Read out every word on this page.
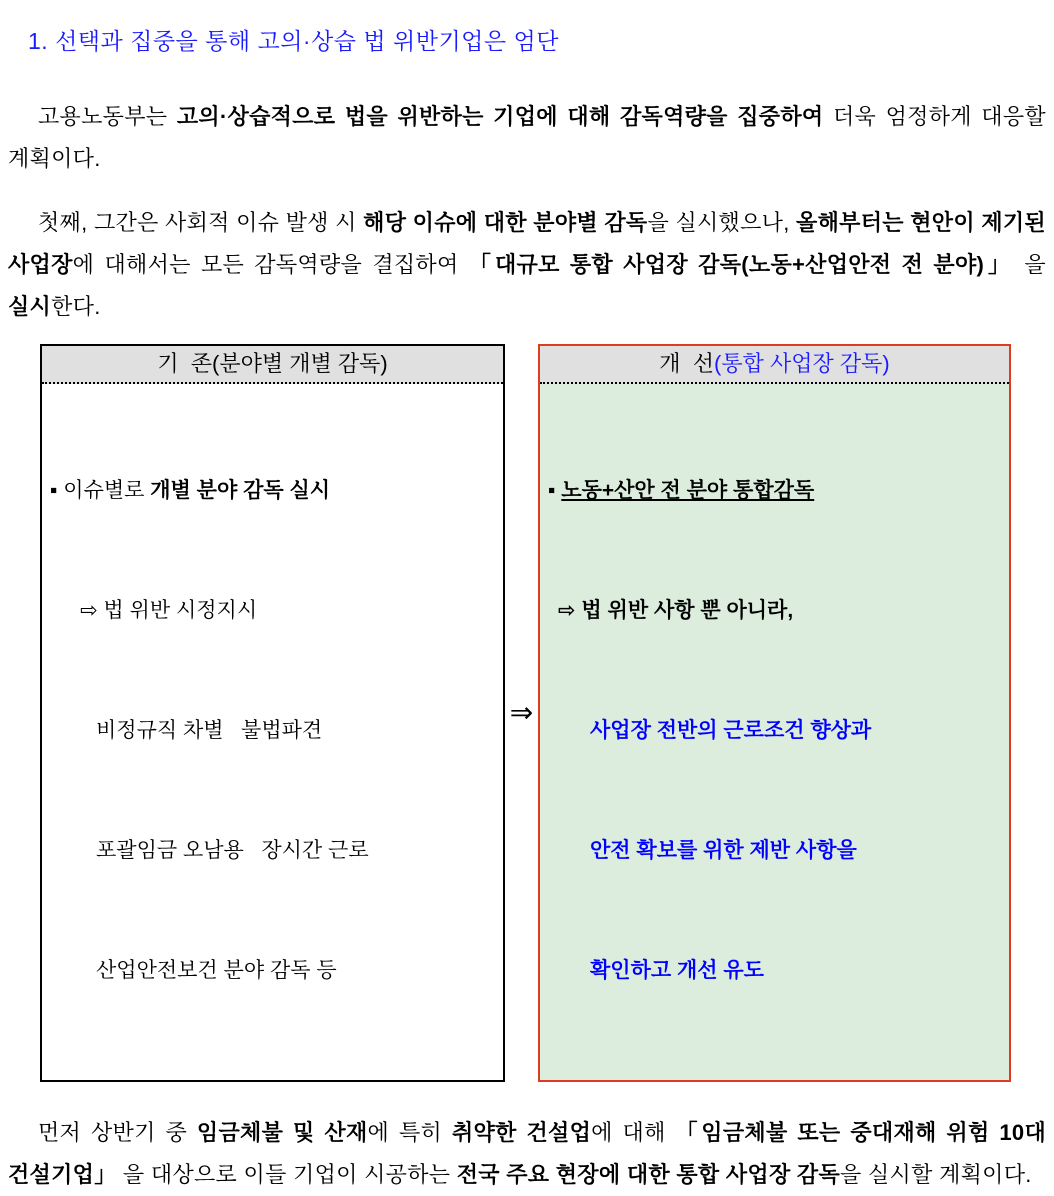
1. 선택과 집중을 통해 고의·상습 법 위반기업은 엄단
고용노동부는 고의·상습적으로 법을 위반하는 기업에 대해 감독역량을 집중하여 더욱 엄정하게 대응할 계획이다.
첫째, 그간은 사회적 이슈 발생 시 해당 이슈에 대한 분야별 감독을 실시했으나, 올해부터는 현안이 제기된 사업장에 대해서는 모든 감독역량을 결집하여 「대규모 통합 사업장 감독(노동+산업안전 전 분야)」 을 실시한다.
기  존(분야별 개별 감독)

▪ 이슈별로 개별 분야 감독 실시

⇨ 법 위반 시정지시

비정규직 차별   불법파견

포괄임금 오남용   장시간 근로

산업안전보건 분야 감독 등

⇒
개  선(통합 사업장 감독)

▪ 노동+산안 전 분야 통합감독

⇨ 법 위반 사항 뿐 아니라,

사업장 전반의 근로조건 향상과

안전 확보를 위한 제반 사항을

확인하고 개선 유도

먼저 상반기 중 임금체불 및 산재에 특히 취약한 건설업에 대해 「임금체불 또는 중대재해 위험 10대 건설기업」 을 대상으로 이들 기업이 시공하는 전국 주요 현장에 대한 통합 사업장 감독을 실시할 계획이다.
